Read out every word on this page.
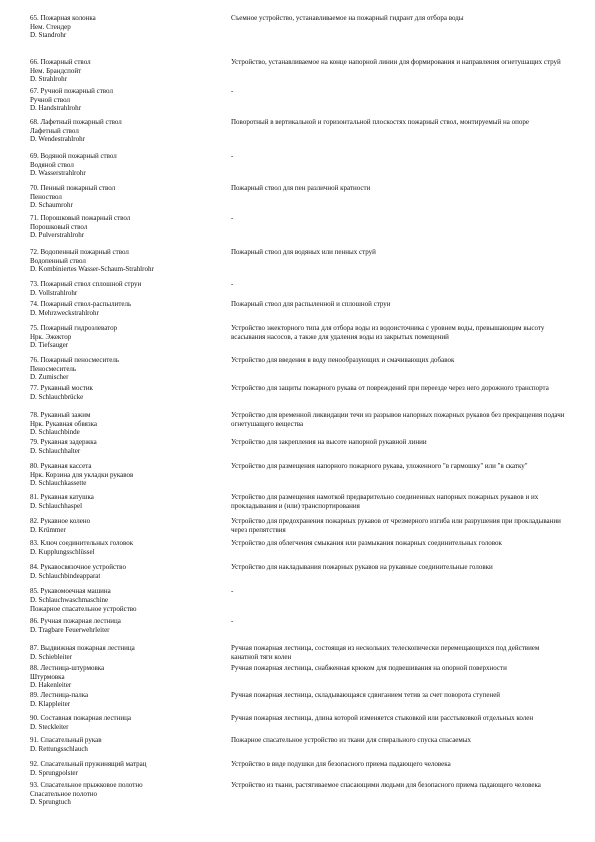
65. Пожарная колонка
Нем. Стендер
D. Standrohr
Съемное устройство, устанавливаемое на пожарный гидрант для отбора воды
66. Пожарный ствол
Нем. Брандспойт
D. Strahlrohr
Устройство, устанавливаемое на конце напорной линии для формирования и направления огнетушащих струй
67. Ручной пожарный ствол
Ручной ствол
D. Handstrahlrohr
-
68. Лафетный пожарный ствол
Лафетный ствол
D. Wendestrahlrohr
Поворотный в вертикальной и горизонтальной плоскостях пожарный ствол, монтируемый на опоре
69. Водяной пожарный ствол
Водяной ствол
D. Wasserstrahlrohr
-
70. Пенный пожарный ствол
Пеноствол
D. Schaumrohr
Пожарный ствол для пен различной кратности
71. Порошковый пожарный ствол
Порошковый ствол
D. Pulverstrahlrohr
-
72. Водопенный пожарный ствол
Водопенный ствол
D. Kombiniertes Wasser-Schaum-Strahlrohr
Пожарный ствол для водяных или пенных струй
73. Пожарный ствол сплошной струи
D. Vollstrahlrohr
-
74. Пожарный ствол-распылитель
D. Mehrzweckstrahlrohr
Пожарный ствол для распыленной и сплошной струи
75. Пожарный гидроэлеватор
Нрк. Эжектор
D. Tiefsauger
Устройство эжекторного типа для отбора воды из водоисточника с уровнем воды, превышающим высоту всасывания насосов, а также для удаления воды из закрытых помещений
76. Пожарный пеносмеситель
Пеносмеситель
D. Zumischer
Устройство для введения в воду пенообразующих и смачивающих добавок
77. Рукавный мостик
D. Schlauchbrücke
Устройство для защиты пожарного рукава от повреждений при переезде через него дорожного транспорта
78. Рукавный зажим
Нрк. Рукавная обвязка
D. Schlauchbinde
Устройство для временной ликвидации течи из разрывов напорных пожарных рукавов без прекращения подачи огнетушащего вещества
79. Рукавная задержка
D. Schlauchhalter
Устройство для закрепления на высоте напорной рукавной линии
80. Рукавная кассета
Нрк. Корзина для укладки рукавов
D. Schlauchkassette
Устройство для размещения напорного пожарного рукава, уложенного "в гармошку" или "в скатку"
81. Рукавная катушка
D. Schlauchhaspel
Устройство для размещения намоткой предварительно соединенных напорных пожарных рукавов и их прокладывания и (или) транспортирования
82. Рукавное колено
D. Krümmer
Устройство для предохранения пожарных рукавов от чрезмерного изгиба или разрушения при прокладывании через препятствия
83. Ключ соединительных головок
D. Kupplungsschlüssel
Устройство для облегчения смыкания или размыкания пожарных соединительных головок
84. Рукавосвязочное устройство
D. Schlauchbindeapparat
Устройство для накладывания пожарных рукавов на рукавные соединительные головки
85. Рукавомоечная машина
D. Schlauchwaschmaschine
-
Пожарное спасательное устройство
86. Ручная пожарная лестница
D. Tragbare Feuerwehrleiter
-
87. Выдвижная пожарная лестница
D. Schiebleiter
Ручная пожарная лестница, состоящая из нескольких телескопически перемещающихся под действием канатной тяги колен
88. Лестница-штурмовка
Штурмовка
D. Hakenleiter
Ручная пожарная лестница, снабженная крюком для подвешивания на опорной поверхности
89. Лестница-палка
D. Klappleiter
Ручная пожарная лестница, складывающаяся сдвиганием тетив за счет поворота ступеней
90. Составная пожарная лестница
D. Steckleiter
Ручная пожарная лестница, длина которой изменяется стыковкой или расстыковкой отдельных колен
91. Спасательный рукав
D. Rettungsschlauch
Пожарное спасательное устройство из ткани для спирального спуска спасаемых
92. Спасательный пружинящий матрац
D. Sprungpolster
Устройство в виде подушки для безопасного приема падающего человека
93. Спасательное прыжковое полотно
Спасательное полотно
D. Sprungtuch
Устройство из ткани, растягиваемое спасающими людьми для безопасного приема падающего человека
